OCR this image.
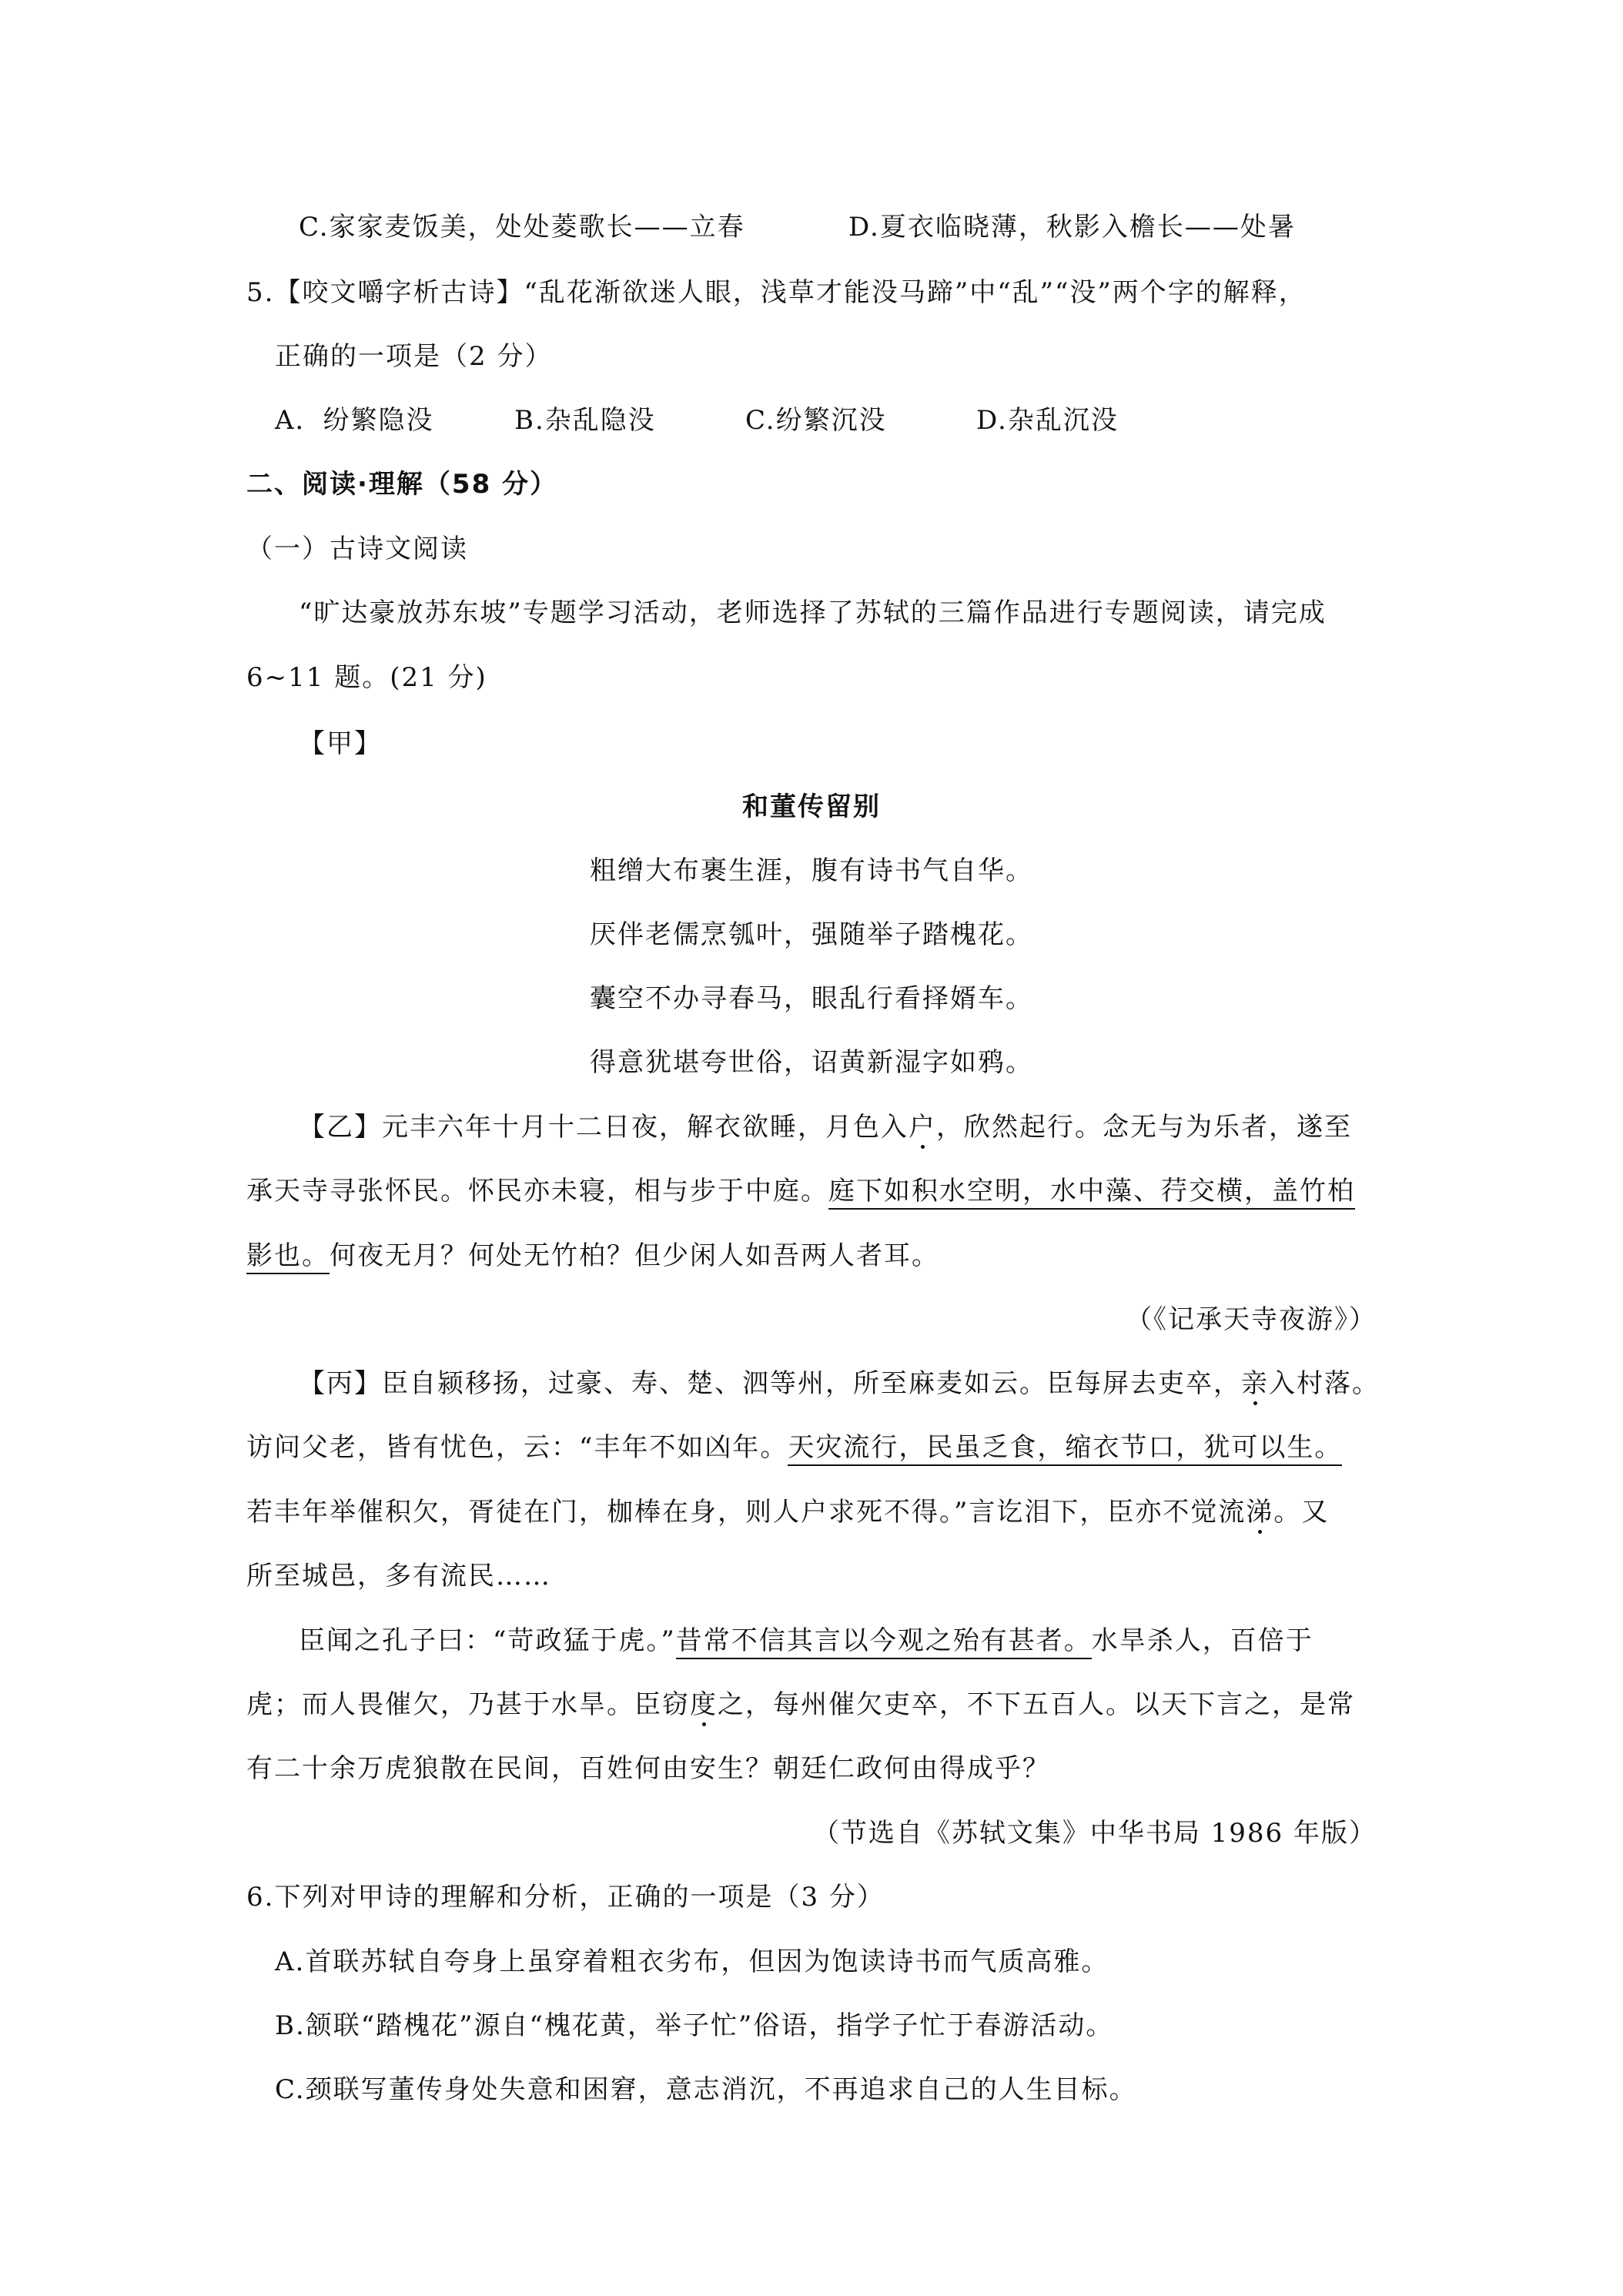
C.家家麦饭美，处处菱歌长——立春	D.夏衣临晓薄，秋影入檐长——处暑
5.【咬文嚼字析古诗】“乱花渐欲迷人眼，浅草才能没马蹄”中“乱”“没”两个字的解释，
正确的一项是（2 分）
A．纷繁隐没	B.杂乱隐没	C.纷繁沉没	D.杂乱沉没
二、阅读·理解（58 分）
（一）古诗文阅读
“旷达豪放苏东坡”专题学习活动，老师选择了苏轼的三篇作品进行专题阅读，请完成
6~11 题。(21 分)
【甲】
和董传留别
粗缯大布裹生涯，腹有诗书气自华。
厌伴老儒烹瓠叶，强随举子踏槐花。
囊空不办寻春马，眼乱行看择婿车。
得意犹堪夸世俗，诏黄新湿字如鸦。
【乙】元丰六年十月十二日夜，解衣欲睡，月色入户，欣然起行。念无与为乐者，遂至
承天寺寻张怀民。怀民亦未寝，相与步于中庭。庭下如积水空明，水中藻、荇交横，盖竹柏
影也。何夜无月？何处无竹柏？但少闲人如吾两人者耳。
（《记承天寺夜游》）
【丙】臣自颍移扬，过豪、寿、楚、泗等州，所至麻麦如云。臣每屏去吏卒，亲入村落。
访问父老，皆有忧色，云：“丰年不如凶年。天灾流行，民虽乏食，缩衣节口，犹可以生。
若丰年举催积欠，胥徒在门，枷棒在身，则人户求死不得。”言讫泪下，臣亦不觉流涕。又
所至城邑，多有流民……
臣闻之孔子曰：“苛政猛于虎。”昔常不信其言以今观之殆有甚者。水旱杀人，百倍于
虎；而人畏催欠，乃甚于水旱。臣窃度之，每州催欠吏卒，不下五百人。以天下言之，是常
有二十余万虎狼散在民间，百姓何由安生？朝廷仁政何由得成乎？
（节选自《苏轼文集》中华书局 1986 年版）
6.下列对甲诗的理解和分析，正确的一项是（3 分）
A.首联苏轼自夸身上虽穿着粗衣劣布，但因为饱读诗书而气质高雅。
B.颔联“踏槐花”源自“槐花黄，举子忙”俗语，指学子忙于春游活动。
C.颈联写董传身处失意和困窘，意志消沉，不再追求自己的人生目标。
